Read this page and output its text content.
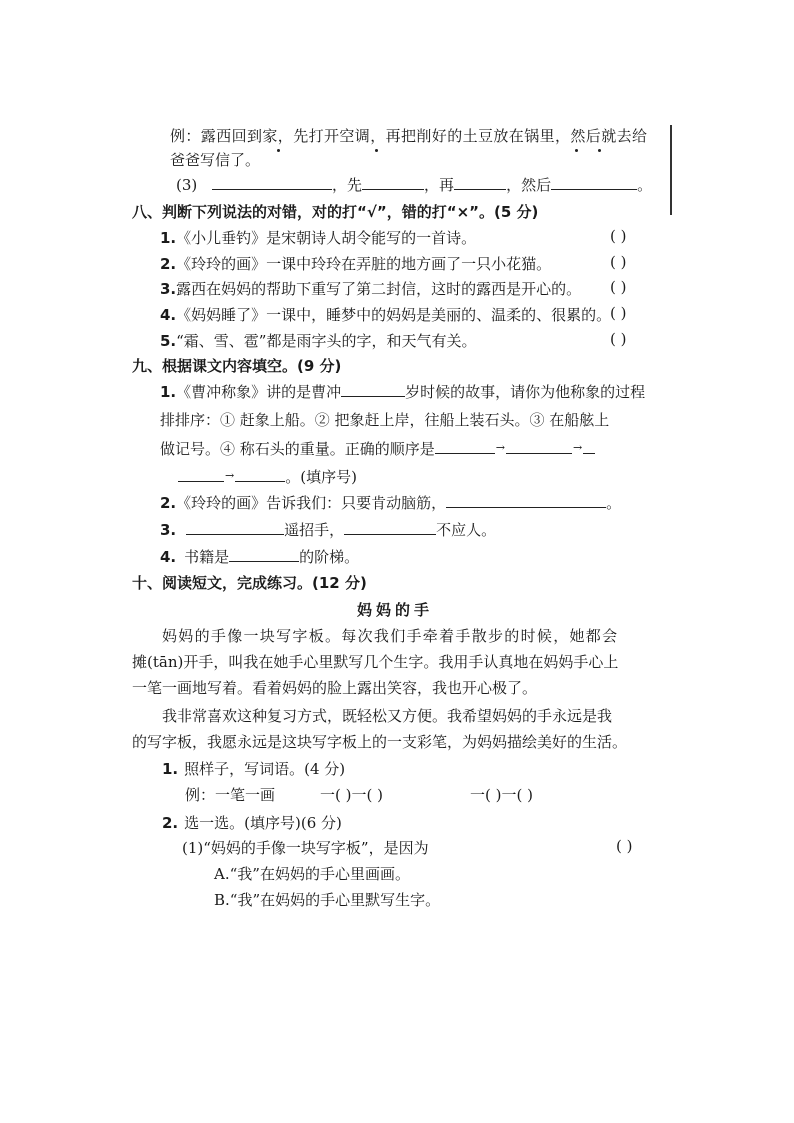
例：露西回到家，先打开空调，再把削好的土豆放在锅里，然后就去给
爸爸写信了。
(3)	，先	，再	，然后	。
八、判断下列说法的对错，对的打“√”，错的打“×”。(5 分)
1.《小儿垂钓》是宋朝诗人胡令能写的一首诗。	( )
2.《玲玲的画》一课中玲玲在弄脏的地方画了一只小花猫。	( )
3.露西在妈妈的帮助下重写了第二封信，这时的露西是开心的。 ( )
4.《妈妈睡了》一课中，睡梦中的妈妈是美丽的、温柔的、很累的。
( )
5.“霜、雪、雹”都是雨字头的字，和天气有关。	( )
九、根据课文内容填空。(9 分)
1.《曹冲称象》讲的是曹冲	岁时候的故事，请你为他称象的过程
排排序：① 赶象上船。② 把象赶上岸，往船上装石头。③ 在船舷上
做记号。④ 称石头的重量。正确的顺序是	→	→
→	。(填序号)
2.《玲玲的画》告诉我们：只要肯动脑筋，	。
3.	遥招手，	不应人。
4. 书籍是	的阶梯。
十、阅读短文，完成练习。(12 分)
妈妈的手
妈妈的手像一块写字板。每次我们手牵着手散步的时候，她都会
摊(tān)开手，叫我在她手心里默写几个生字。我用手认真地在妈妈手心上
一笔一画地写着。看着妈妈的脸上露出笑容，我也开心极了。
我非常喜欢这种复习方式，既轻松又方便。我希望妈妈的手永远是我
的写字板，我愿永远是这块写字板上的一支彩笔，为妈妈描绘美好的生活。
1. 照样子，写词语。(4 分)
例：一笔一画	一( )一( )	一( )一( )
2. 选一选。(填序号)(6 分)
(1)“妈妈的手像一块写字板”，是因为	( )
A.“我”在妈妈的手心里画画。
B.“我”在妈妈的手心里默写生字。
